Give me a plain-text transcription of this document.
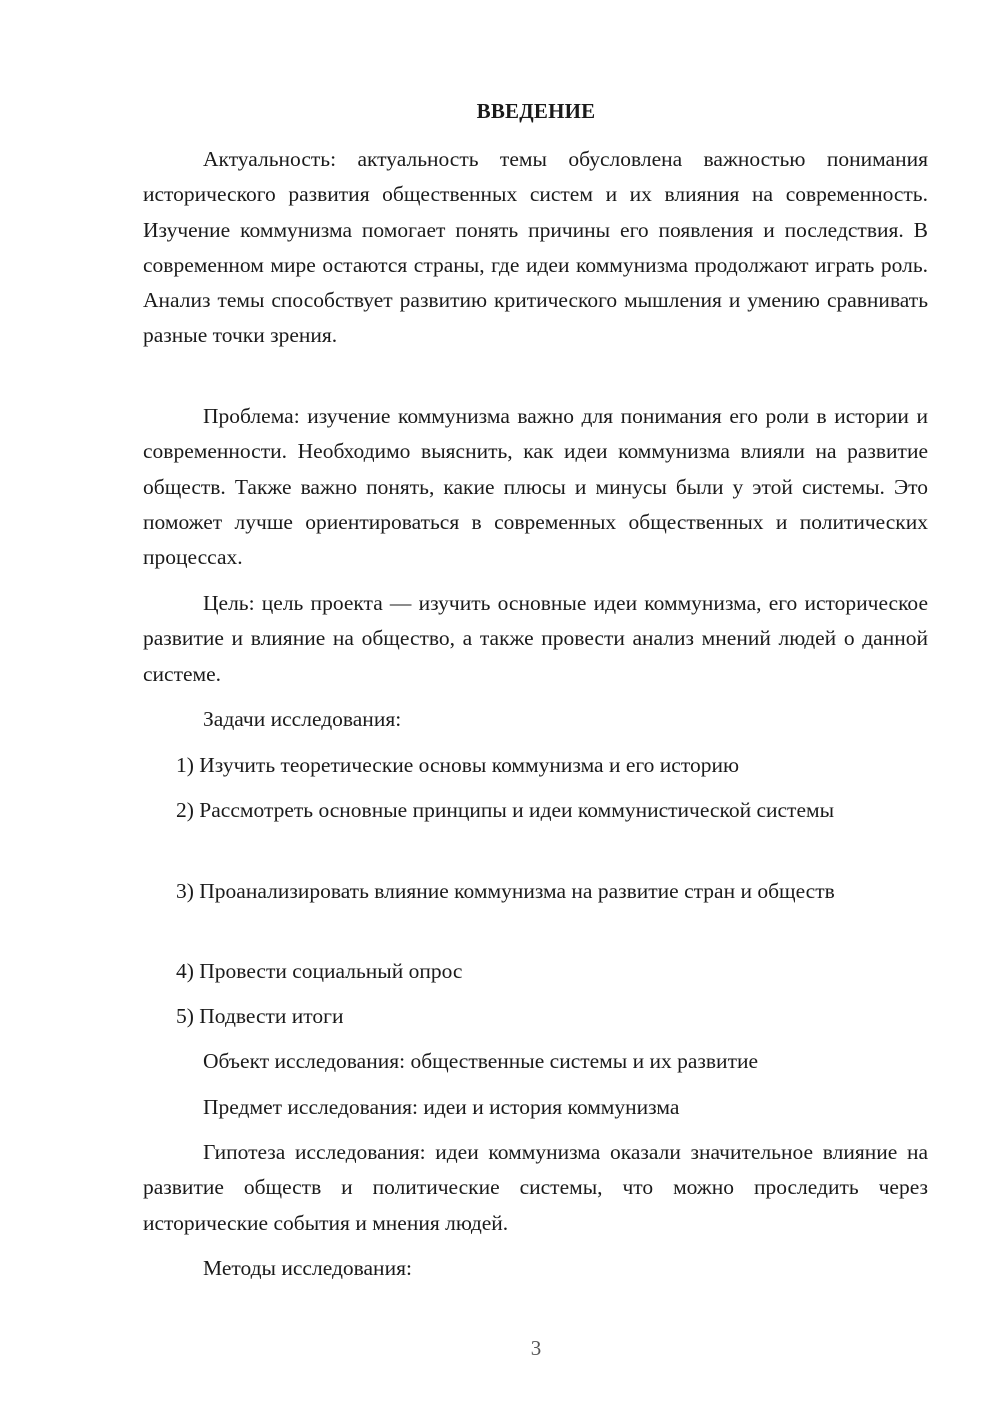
ВВЕДЕНИЕ

Актуальность: актуальность темы обусловлена важностью понимания исторического развития общественных систем и их влияния на современность. Изучение коммунизма помогает понять причины его появления и последствия. В современном мире остаются страны, где идеи коммунизма продолжают играть роль. Анализ темы способствует развитию критического мышления и умению сравнивать разные точки зрения.

Проблема: изучение коммунизма важно для понимания его роли в истории и современности. Необходимо выяснить, как идеи коммунизма влияли на развитие обществ. Также важно понять, какие плюсы и минусы были у этой системы. Это поможет лучше ориентироваться в современных общественных и политических процессах.

Цель: цель проекта — изучить основные идеи коммунизма, его историческое развитие и влияние на общество, а также провести анализ мнений людей о данной системе.

Задачи исследования:

1) Изучить теоретические основы коммунизма и его историю

2) Рассмотреть основные принципы и идеи коммунистической системы

3) Проанализировать влияние коммунизма на развитие стран и обществ

4) Провести социальный опрос

5) Подвести итоги

Объект исследования: общественные системы и их развитие

Предмет исследования: идеи и история коммунизма

Гипотеза исследования: идеи коммунизма оказали значительное влияние на развитие обществ и политические системы, что можно проследить через исторические события и мнения людей.

Методы исследования:

3
